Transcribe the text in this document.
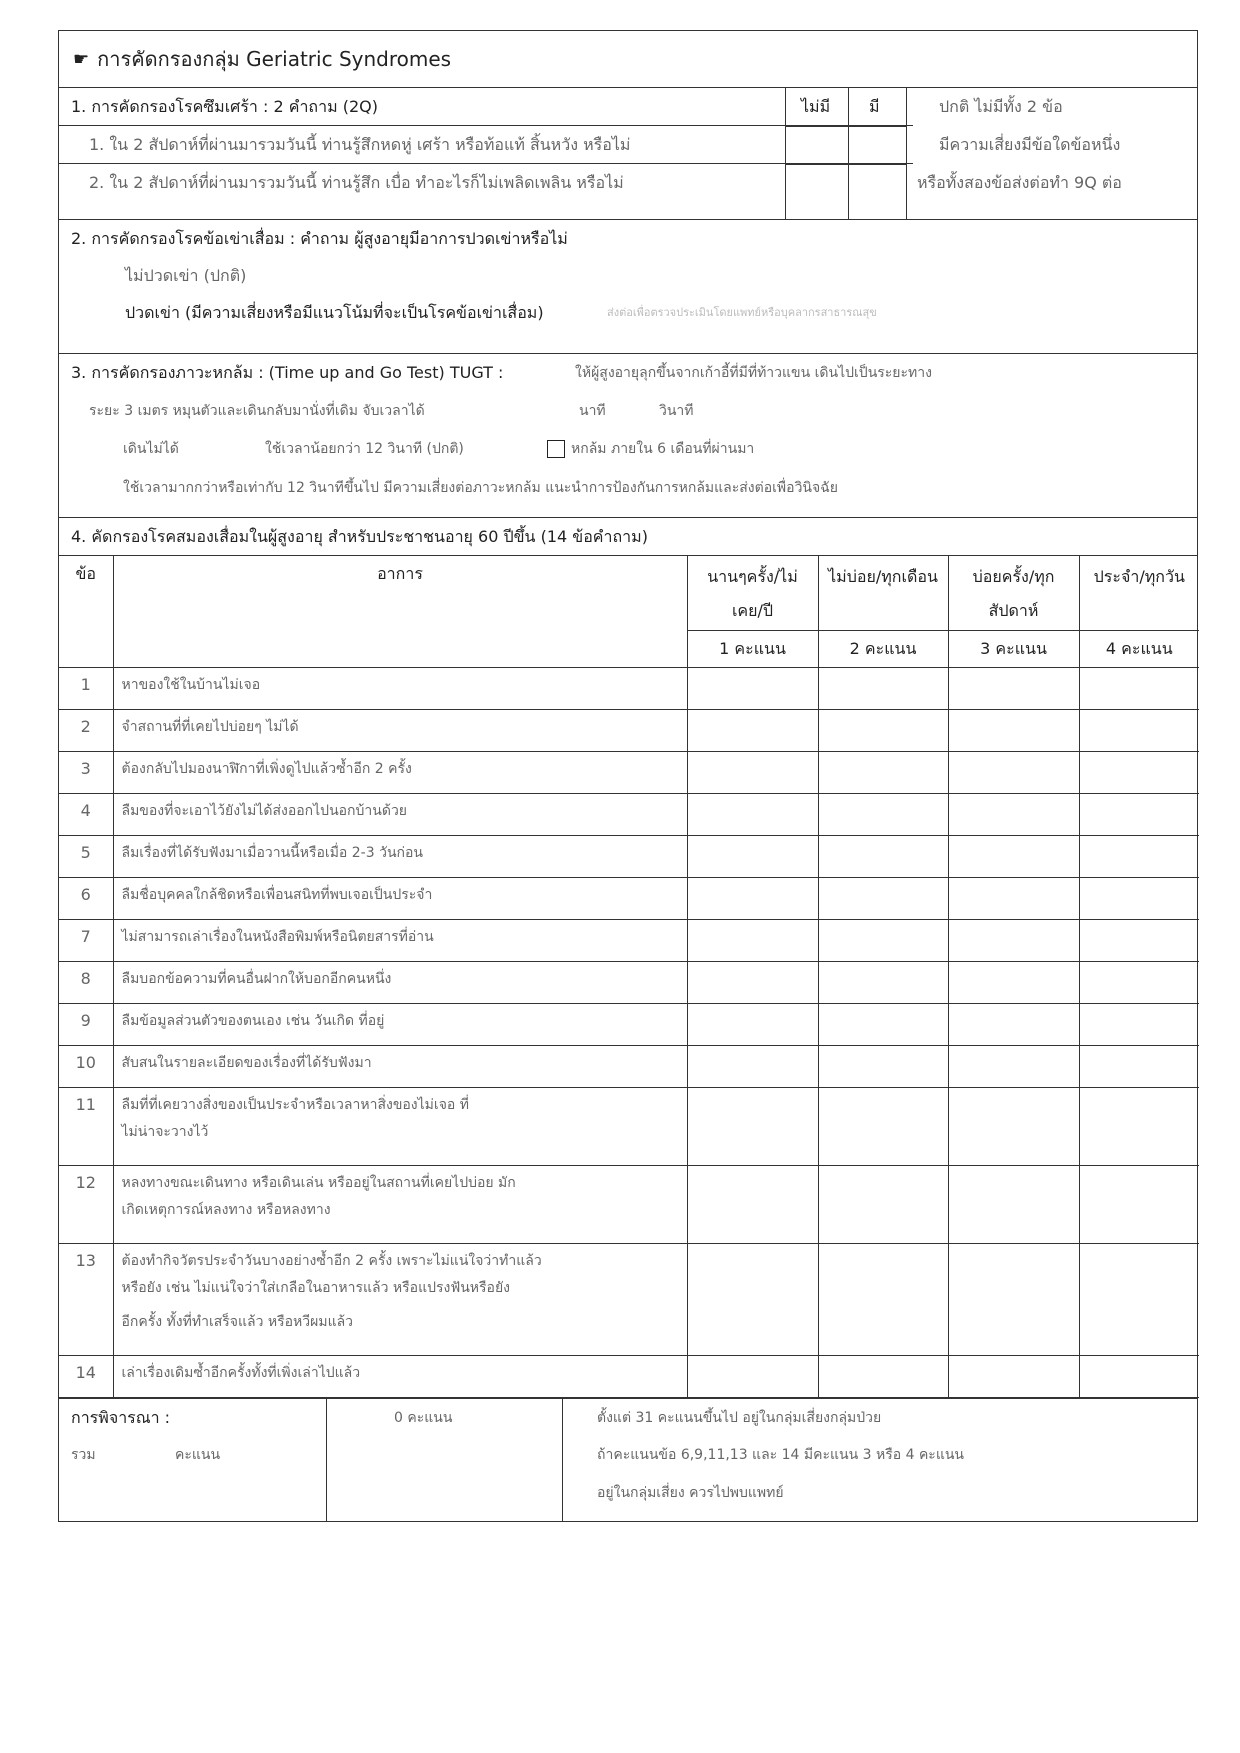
☛ การคัดกรองกลุ่ม Geriatric Syndromes
1. การคัดกรองโรคซึมเศร้า : 2 คำถาม (2Q)
1. ใน 2 สัปดาห์ที่ผ่านมารวมวันนี้ ท่านรู้สึกหดหู่ เศร้า หรือท้อแท้ สิ้นหวัง หรือไม่
2. ใน 2 สัปดาห์ที่ผ่านมารวมวันนี้ ท่านรู้สึก เบื่อ ทำอะไรก็ไม่เพลิดเพลิน หรือไม่
ไม่มี มี	ปกติ ไม่มีทั้ง 2 ข้อ
มีความเสี่ยงมีข้อใดข้อหนึ่ง
หรือทั้งสองข้อส่งต่อทำ 9Q ต่อ
2. การคัดกรองโรคข้อเข่าเสื่อม : คำถาม ผู้สูงอายุมีอาการปวดเข่าหรือไม่
ไม่ปวดเข่า (ปกติ)
ปวดเข่า (มีความเสี่ยงหรือมีแนวโน้มที่จะเป็นโรคข้อเข่าเสื่อม)	ส่งต่อเพื่อตรวจประเมินโดยแพทย์หรือบุคลากรสาธารณสุข
3. การคัดกรองภาวะหกล้ม : (Time up and Go Test) TUGT :	ให้ผู้สูงอายุลุกขึ้นจากเก้าอี้ที่มีที่ท้าวแขน เดินไปเป็นระยะทาง
ระยะ 3 เมตร หมุนตัวและเดินกลับมานั่งที่เดิม จับเวลาได้	นาที	วินาที
เดินไม่ได้	ใช้เวลาน้อยกว่า 12 วินาที (ปกติ)	หกล้ม ภายใน 6 เดือนที่ผ่านมา
ใช้เวลามากกว่าหรือเท่ากับ 12 วินาทีขึ้นไป มีความเสี่ยงต่อภาวะหกล้ม แนะนำการป้องกันการหกล้มและส่งต่อเพื่อวินิจฉัย
4. คัดกรองโรคสมองเสื่อมในผู้สูงอายุ สำหรับประชาชนอายุ 60 ปีขึ้น (14 ข้อคำถาม)
ข้อ	อาการ	นานๆครั้ง/ไม่เคย/ปี	ไม่บ่อย/ทุกเดือน	บ่อยครั้ง/ทุกสัปดาห์	ประจำ/ทุกวัน
		1 คะแนน	2 คะแนน	3 คะแนน	4 คะแนน
1	หาของใช้ในบ้านไม่เจอ				

2	จำสถานที่ที่เคยไปบ่อยๆ ไม่ได้				

3	ต้องกลับไปมองนาฬิกาที่เพิ่งดูไปแล้วซ้ำอีก 2 ครั้ง				

4	ลืมของที่จะเอาไว้ยังไม่ได้ส่งออกไปนอกบ้านด้วย				

5	ลืมเรื่องที่ได้รับฟังมาเมื่อวานนี้หรือเมื่อ 2-3 วันก่อน				

6	ลืมชื่อบุคคลใกล้ชิดหรือเพื่อนสนิทที่พบเจอเป็นประจำ				

7	ไม่สามารถเล่าเรื่องในหนังสือพิมพ์หรือนิตยสารที่อ่าน				

8	ลืมบอกข้อความที่คนอื่นฝากให้บอกอีกคนหนึ่ง				

9	ลืมข้อมูลส่วนตัวของตนเอง เช่น วันเกิด ที่อยู่				

10	สับสนในรายละเอียดของเรื่องที่ได้รับฟังมา				

11	ลืมที่ที่เคยวางสิ่งของเป็นประจำหรือเวลาหาสิ่งของไม่เจอ ที่
ไม่น่าจะวางไว้				

12	หลงทางขณะเดินทาง หรือเดินเล่น หรืออยู่ในสถานที่เคยไปบ่อย มัก
เกิดเหตุการณ์หลงทาง หรือหลงทาง				

13	ต้องทำกิจวัตรประจำวันบางอย่างซ้ำอีก 2 ครั้ง เพราะไม่แน่ใจว่าทำแล้ว
หรือยัง เช่น ไม่แน่ใจว่าใส่เกลือในอาหารแล้ว หรือแปรงฟันหรือยัง
อีกครั้ง ทั้งที่ทำเสร็จแล้ว หรือหวีผมแล้ว				

14	เล่าเรื่องเดิมซ้ำอีกครั้งทั้งที่เพิ่งเล่าไปแล้ว				

การพิจารณา :
รวม	คะแนน
0 คะแนน	ตั้งแต่ 31 คะแนนขึ้นไป อยู่ในกลุ่มเสี่ยงกลุ่มป่วย
ถ้าคะแนนข้อ 6,9,11,13 และ 14 มีคะแนน 3 หรือ 4 คะแนน
อยู่ในกลุ่มเสี่ยง ควรไปพบแพทย์
